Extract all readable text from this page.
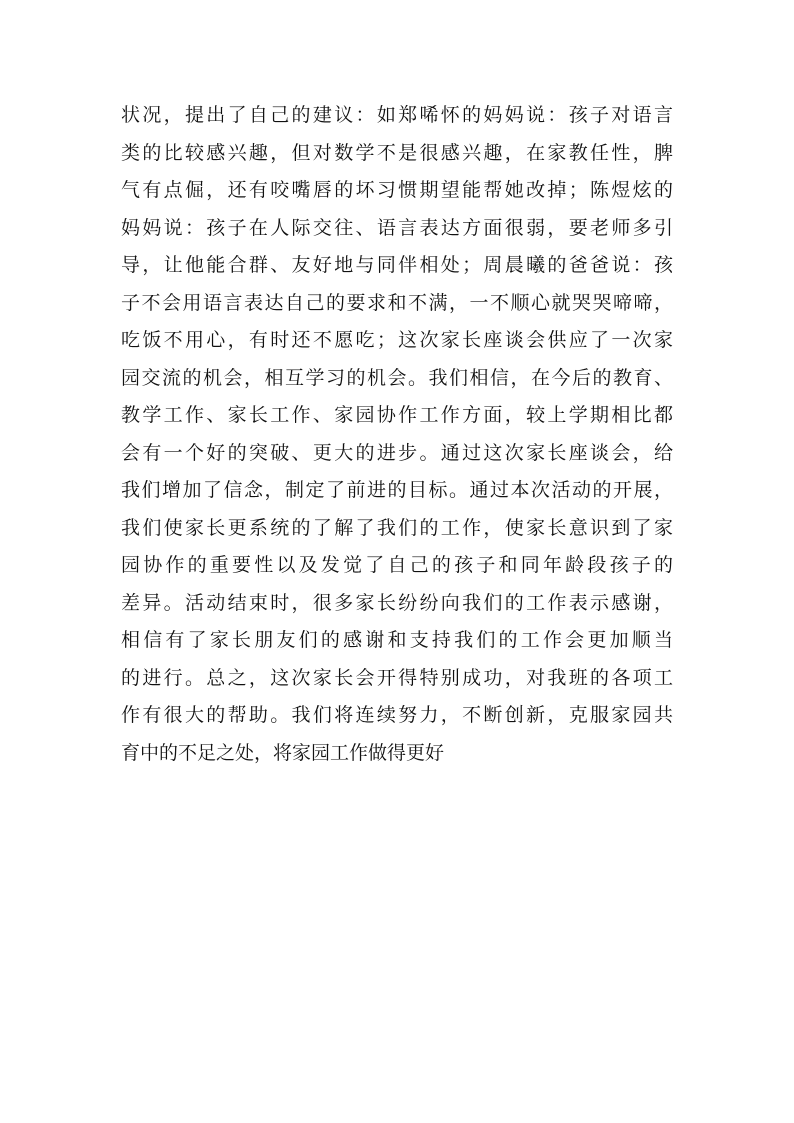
状况，提出了自己的建议：如郑唏怀的妈妈说：孩子对语言
类的比较感兴趣，但对数学不是很感兴趣，在家教任性，脾
气有点倔，还有咬嘴唇的坏习惯期望能帮她改掉；陈煜炫的
妈妈说：孩子在人际交往、语言表达方面很弱，要老师多引
导，让他能合群、友好地与同伴相处；周晨曦的爸爸说：孩
子不会用语言表达自己的要求和不满，一不顺心就哭哭啼啼，
吃饭不用心，有时还不愿吃；这次家长座谈会供应了一次家
园交流的机会，相互学习的机会。我们相信，在今后的教育、
教学工作、家长工作、家园协作工作方面，较上学期相比都
会有一个好的突破、更大的进步。通过这次家长座谈会，给
我们增加了信念，制定了前进的目标。通过本次活动的开展，
我们使家长更系统的了解了我们的工作，使家长意识到了家
园协作的重要性以及发觉了自己的孩子和同年龄段孩子的
差异。活动结束时，很多家长纷纷向我们的工作表示感谢，
相信有了家长朋友们的感谢和支持我们的工作会更加顺当
的进行。总之，这次家长会开得特别成功，对我班的各项工
作有很大的帮助。我们将连续努力，不断创新，克服家园共
育中的不足之处，将家园工作做得更好
